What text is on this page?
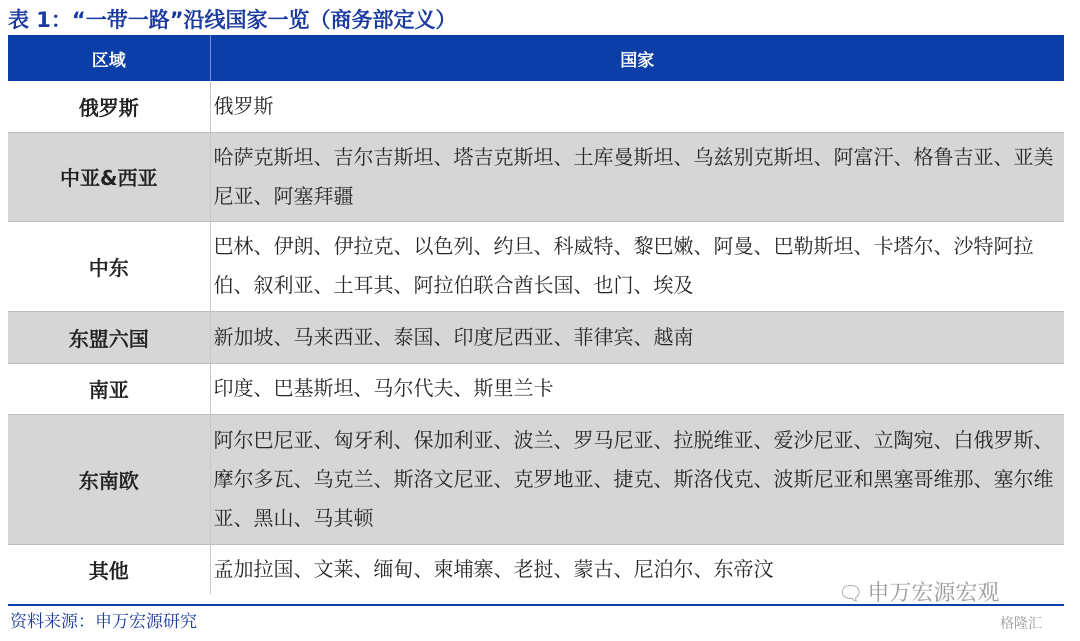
表 1：“一带一路”沿线国家一览（商务部定义）
区域	国家
俄罗斯	俄罗斯
中亚&西亚	哈萨克斯坦、吉尔吉斯坦、塔吉克斯坦、土库曼斯坦、乌兹别克斯坦、阿富汗、格鲁吉亚、亚美尼亚、阿塞拜疆
中东	巴林、伊朗、伊拉克、以色列、约旦、科威特、黎巴嫩、阿曼、巴勒斯坦、卡塔尔、沙特阿拉伯、叙利亚、土耳其、阿拉伯联合酋长国、也门、埃及
东盟六国	新加坡、马来西亚、泰国、印度尼西亚、菲律宾、越南
南亚	印度、巴基斯坦、马尔代夫、斯里兰卡
东南欧	阿尔巴尼亚、匈牙利、保加利亚、波兰、罗马尼亚、拉脱维亚、爱沙尼亚、立陶宛、白俄罗斯、摩尔多瓦、乌克兰、斯洛文尼亚、克罗地亚、捷克、斯洛伐克、波斯尼亚和黑塞哥维那、塞尔维亚、黑山、马其顿
其他	孟加拉国、文莱、缅甸、柬埔寨、老挝、蒙古、尼泊尔、东帝汶
资料来源：申万宏源研究
🗨 申万宏源宏观
格隆汇
